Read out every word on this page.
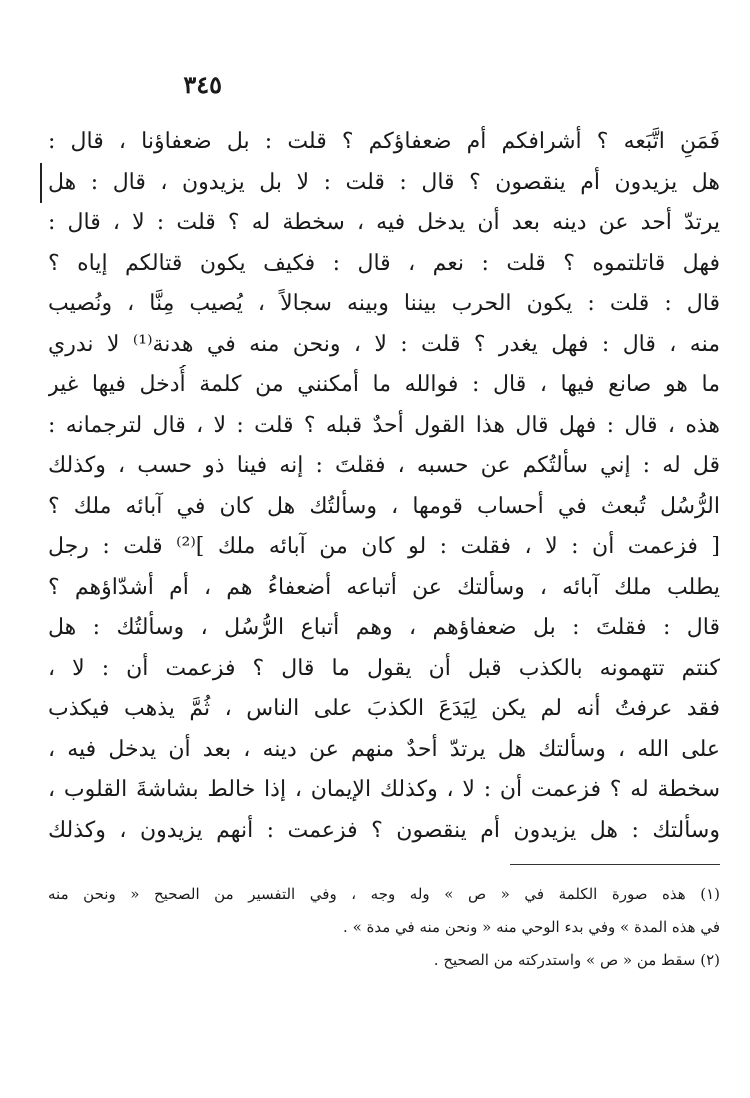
٣٤٥
فَمَنِ اتَّبَعه ؟ أشرافكم أم ضعفاؤكم ؟ قلت : بل ضعفاؤنا ، قال :
هل يزيدون أم ينقصون ؟ قال : قلت : لا بل يزيدون ، قال : هل
يرتدّ أحد عن دينه بعد أن يدخل فيه ، سخطة له ؟ قلت : لا ، قال :
فهل قاتلتموه ؟ قلت : نعم ، قال : فكيف يكون قتالكم إياه ؟
قال : قلت : يكون الحرب بيننا وبينه سجالاً ، يُصيب مِنَّا ، ونُصيب
منه ، قال : فهل يغدر ؟ قلت : لا ، ونحن منه في هدنة⁽¹⁾ لا ندري
ما هو صانع فيها ، قال : فوالله ما أمكنني من كلمة أُدخل فيها غير
هذه ، قال : فهل قال هذا القول أحدٌ قبله ؟ قلت : لا ، قال لترجمانه :
قل له : إني سألتُكم عن حسبه ، فقلتَ : إنه فينا ذو حسب ، وكذلك
الرُّسُل تُبعث في أحساب قومها ، وسألتُك هل كان في آبائه ملك ؟
[ فزعمت أن : لا ، فقلت : لو كان من آبائه ملك ]⁽²⁾ قلت : رجل
يطلب ملك آبائه ، وسألتك عن أتباعه أضعفاءُ هم ، أم أشدّاؤهم ؟
قال : فقلتَ : بل ضعفاؤهم ، وهم أتباع الرُّسُل ، وسألتُك : هل
كنتم تتهمونه بالكذب قبل أن يقول ما قال ؟ فزعمت أن : لا ،
فقد عرفتُ أنه لم يكن لِيَدَعَ الكذبَ على الناس ، ثُمَّ يذهب فيكذب
على الله ، وسألتك هل يرتدّ أحدٌ منهم عن دينه ، بعد أن يدخل فيه ،
سخطة له ؟ فزعمت أن : لا ، وكذلك الإيمان ، إذا خالط بشاشةَ القلوب ،
وسألتك : هل يزيدون أم ينقصون ؟ فزعمت : أنهم يزيدون ، وكذلك
(١) هذه صورة الكلمة في « ص » وله وجه ، وفي التفسير من الصحيح « ونحن منه
في هذه المدة » وفي بدء الوحي منه « ونحن منه في مدة » .
(٢) سقط من « ص » واستدركته من الصحيح .
